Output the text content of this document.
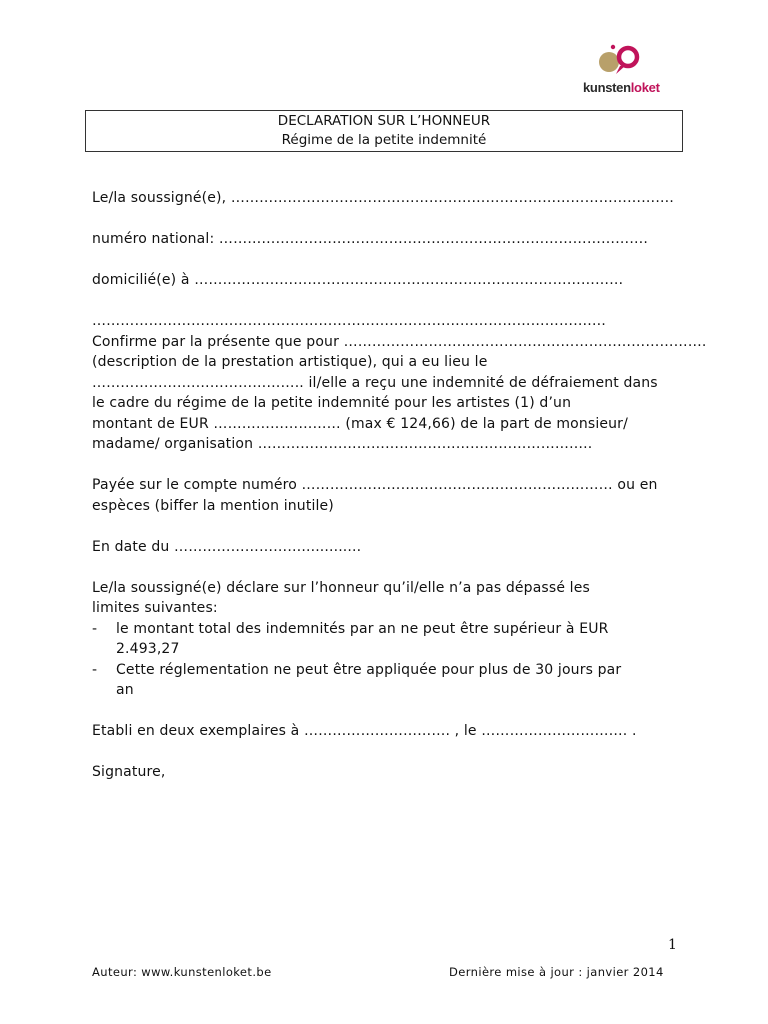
kunstenloket
DECLARATION SUR L’HONNEUR
Régime de la petite indemnité
Le/la soussigné(e), ……………………………………………………………………………….…
numéro national: ……………………………………………………………………………….
domicilié(e) à …………………………………………………………….…………………
…………………………………………………………………………………………….…
Confirme par la présente que pour …………………….…………………………………………….
(description de la prestation artistique), qui a eu lieu le
………………….………………….. il/elle a reçu une indemnité de défraiement dans
le cadre du régime de la petite indemnité pour les artistes (1) d’un
montant de EUR ……………………… (max € 124,66) de la part de monsieur/
madame/ organisation ……………………………………………………………..
Payée sur le compte numéro ………………………………………………………… ou en
espèces (biffer la mention inutile)
En date du ……………………….............
Le/la soussigné(e) déclare sur l’honneur qu’il/elle n’a pas dépassé les
limites suivantes:
-	le montant total des indemnités par an ne peut être supérieur à EUR
2.493,27
-	Cette réglementation ne peut être appliquée pour plus de 30 jours par
an
Etabli en deux exemplaires à …………………………. , le …………………………. .
Signature,
1
Auteur: www.kunstenloket.be	Dernière mise à jour : janvier 2014
